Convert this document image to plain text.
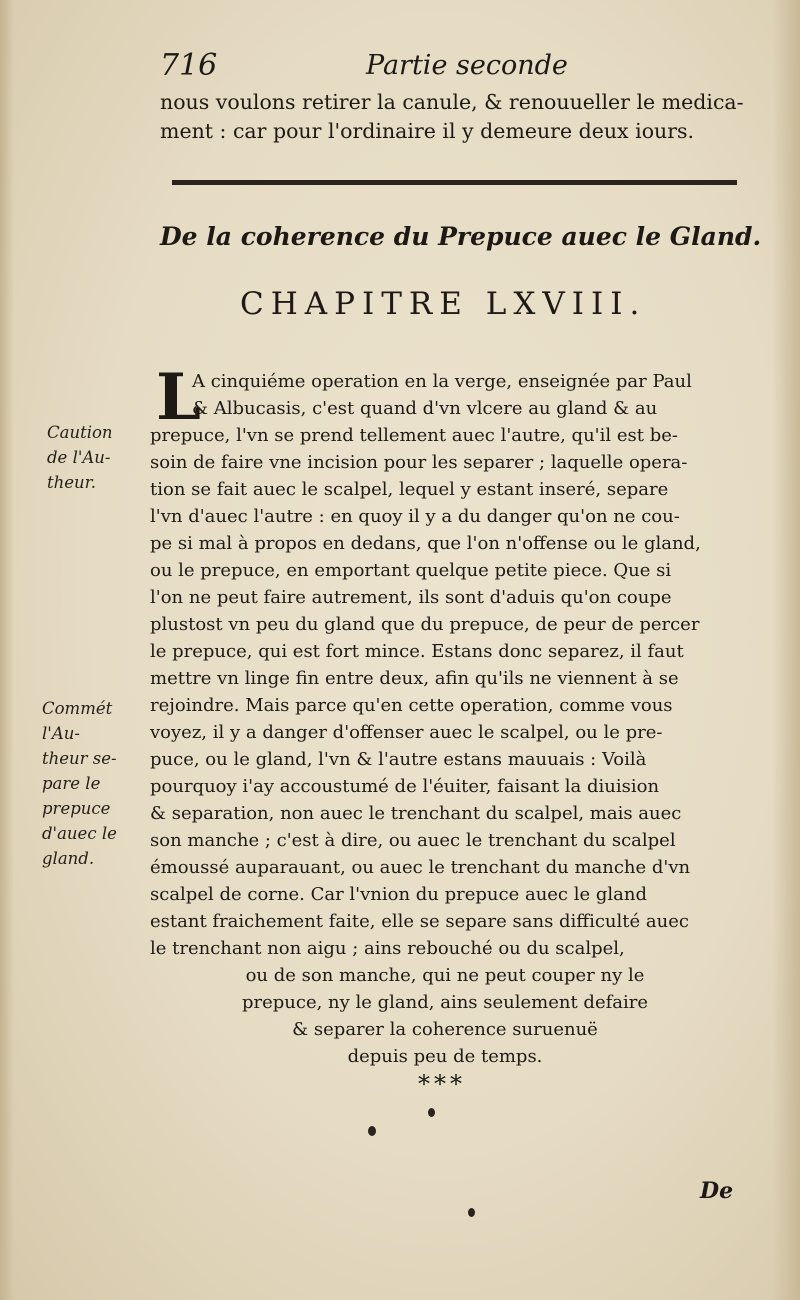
716	Partie seconde
nous voulons retirer la canule, & renouueller le medica-
ment : car pour l'ordinaire il y demeure deux iours.
De la coherence du Prepuce auec le Gland.
CHAPITRE LXVIII.
Caution
de l'Au-
theur.
Commét
l'Au-
theur se-
pare le
prepuce
d'auec le
gland.
L
A cinquiéme operation en la verge, enseignée par Paul
& Albucasis, c'est quand d'vn vlcere au gland & au
prepuce, l'vn se prend tellement auec l'autre, qu'il est be-
soin de faire vne incision pour les separer ; laquelle opera-
tion se fait auec le scalpel, lequel y estant inseré, separe
l'vn d'auec l'autre : en quoy il y a du danger qu'on ne cou-
pe si mal à propos en dedans, que l'on n'offense ou le gland,
ou le prepuce, en emportant quelque petite piece. Que si
l'on ne peut faire autrement, ils sont d'aduis qu'on coupe
plustost vn peu du gland que du prepuce, de peur de percer
le prepuce, qui est fort mince. Estans donc separez, il faut
mettre vn linge fin entre deux, afin qu'ils ne viennent à se
rejoindre. Mais parce qu'en cette operation, comme vous
voyez, il y a danger d'offenser auec le scalpel, ou le pre-
puce, ou le gland, l'vn & l'autre estans mauuais : Voilà
pourquoy i'ay accoustumé de l'éuiter, faisant la diuision
& separation, non auec le trenchant du scalpel, mais auec
son manche ; c'est à dire, ou auec le trenchant du scalpel
émoussé auparauant, ou auec le trenchant du manche d'vn
scalpel de corne. Car l'vnion du prepuce auec le gland
estant fraichement faite, elle se separe sans difficulté auec
le trenchant non aigu ; ains rebouché ou du scalpel,
ou de son manche, qui ne peut couper ny le
prepuce, ny le gland, ains seulement defaire
& separer la coherence suruenuë
depuis peu de temps.
***
De
